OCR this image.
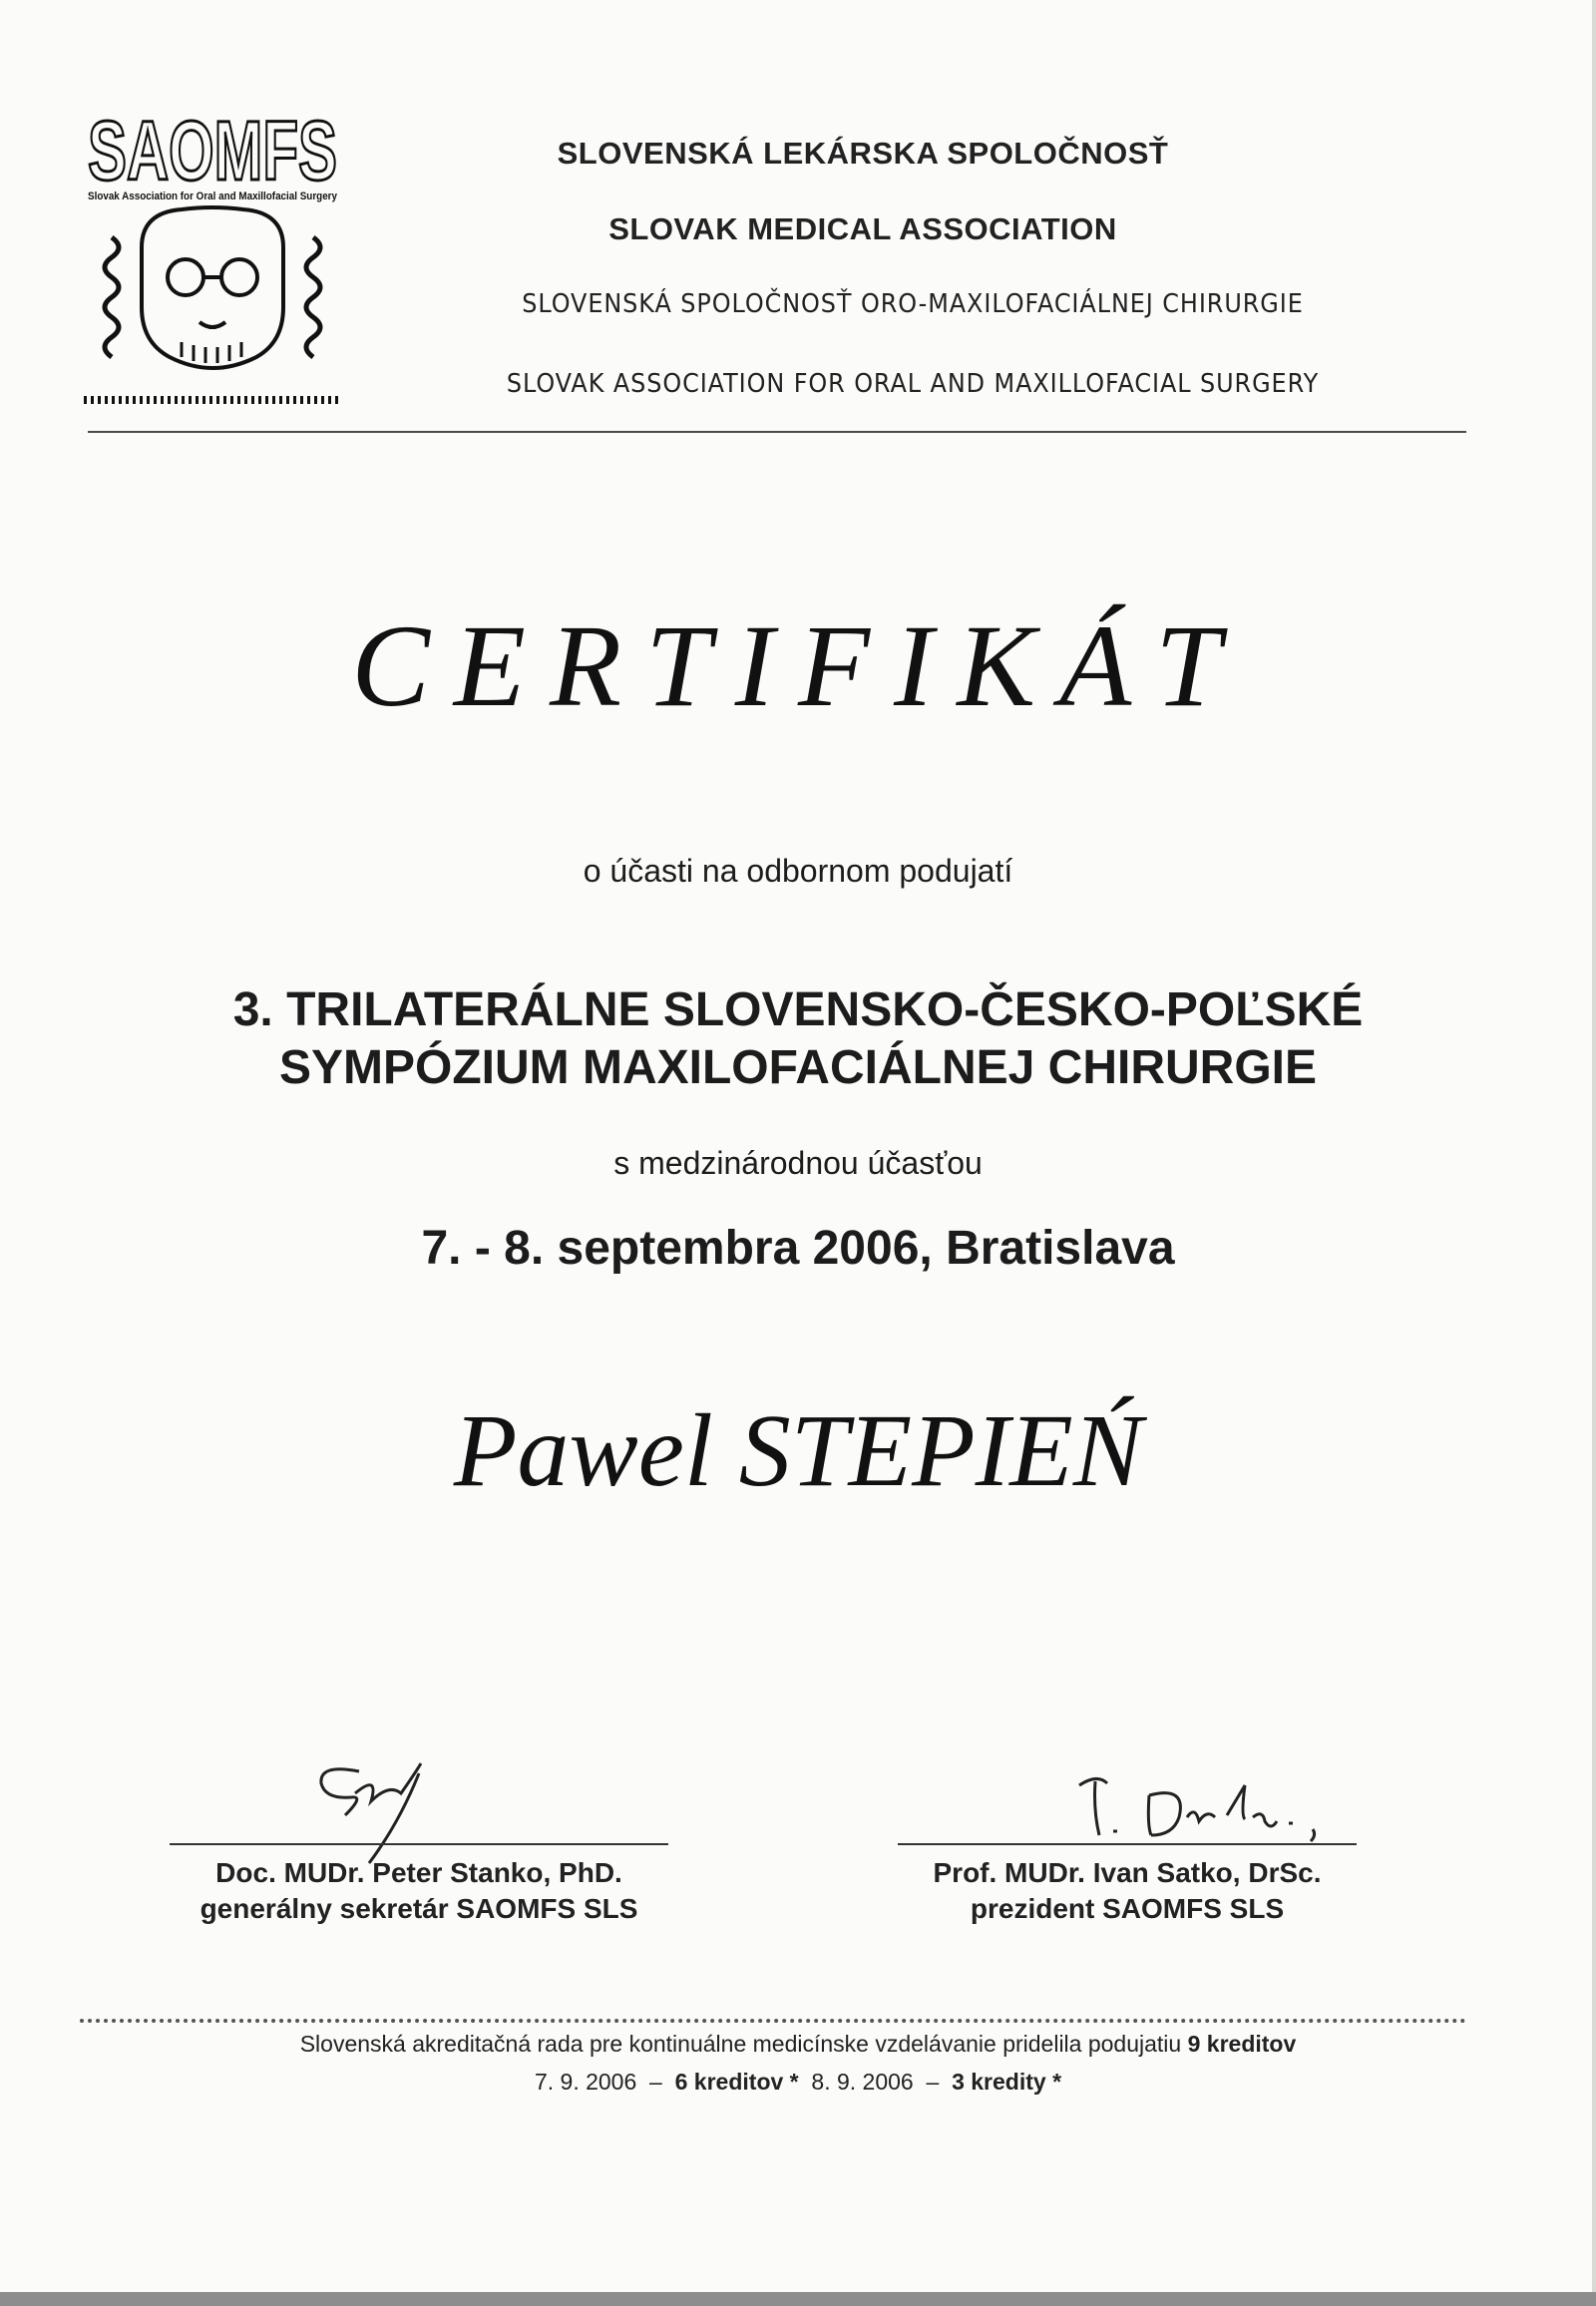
SAOMFS
Slovak Association for Oral and Maxillofacial Surgery
SLOVENSKÁ LEKÁRSKA SPOLOČNOSŤ
SLOVAK MEDICAL ASSOCIATION
SLOVENSKÁ SPOLOČNOSŤ ORO-MAXILOFACIÁLNEJ CHIRURGIE
SLOVAK ASSOCIATION FOR ORAL AND MAXILLOFACIAL SURGERY
CERTIFIKÁT
o účasti na odbornom podujatí
3. TRILATERÁLNE SLOVENSKO-ČESKO-POĽSKÉ
SYMPÓZIUM MAXILOFACIÁLNEJ CHIRURGIE
s medzinárodnou účasťou
7. - 8. septembra 2006, Bratislava
Pawel STEPIEŃ
Doc. MUDr. Peter Stanko, PhD.
generálny sekretár SAOMFS SLS
Prof. MUDr. Ivan Satko, DrSc.
prezident SAOMFS SLS
Slovenská akreditačná rada pre kontinuálne medicínske vzdelávanie pridelila podujatiu 9 kreditov
7. 9. 2006 – 6 kreditov * 8. 9. 2006 – 3 kredity *
